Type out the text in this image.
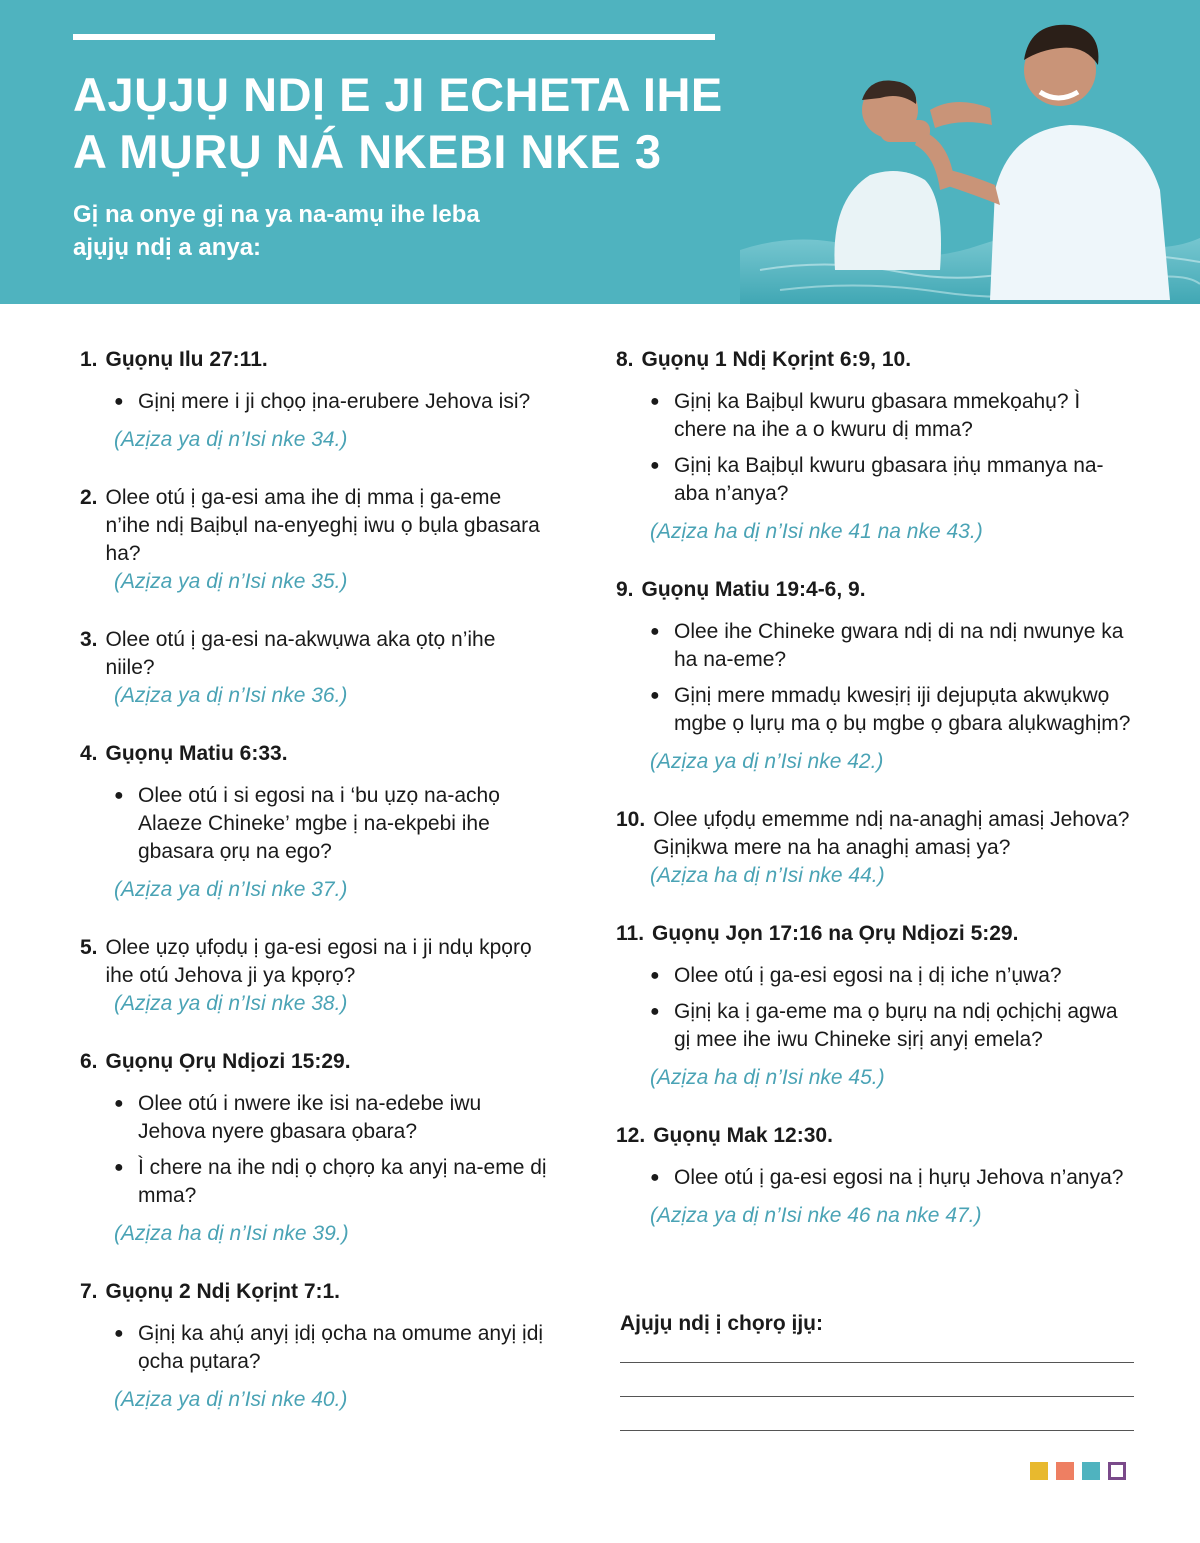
AJỤJỤ NDỊ E JI ECHETA IHE
A MỤRỤ NÁ NKEBI NKE 3
Gị na onye gị na ya na-amụ ihe leba
ajụjụ ndị a anya:
1. Gụọnụ Ilu 27:11.
● Gịnị mere i ji chọọ ịna-erubere Jehova isi?
(Azịza ya dị n’Isi nke 34.)
2. Olee otú ị ga-esi ama ihe dị mma ị ga-eme n’ihe ndị Baịbụl na-enyeghị iwu ọ bụla gbasara ha?
(Azịza ya dị n’Isi nke 35.)
3. Olee otú ị ga-esi na-akwụwa aka ọtọ n’ihe niile?
(Azịza ya dị n’Isi nke 36.)
4. Gụọnụ Matiu 6:33.
● Olee otú i si egosi na i ‘bu ụzọ na-achọ Alaeze Chineke’ mgbe ị na-ekpebi ihe gbasara ọrụ na ego?
(Azịza ya dị n’Isi nke 37.)
5. Olee ụzọ ụfọdụ ị ga-esi egosi na i ji ndụ kpọrọ ihe otú Jehova ji ya kpọrọ?
(Azịza ya dị n’Isi nke 38.)
6. Gụọnụ Ọrụ Ndịozi 15:29.
● Olee otú i nwere ike isi na-edebe iwu Jehova nyere gbasara ọbara?
● Ì chere na ihe ndị ọ chọrọ ka anyị na-eme dị mma?
(Azịza ha dị n’Isi nke 39.)
7. Gụọnụ 2 Ndị Kọrịnt 7:1.
● Gịnị ka ahụ́ anyị ịdị ọcha na omume anyị ịdị ọcha pụtara?
(Azịza ya dị n’Isi nke 40.)
8. Gụọnụ 1 Ndị Kọrịnt 6:9, 10.
● Gịnị ka Baịbụl kwuru gbasara mmekọahụ? Ì chere na ihe a o kwuru dị mma?
● Gịnị ka Baịbụl kwuru gbasara ịṅụ mmanya na-aba n’anya?
(Azịza ha dị n’Isi nke 41 na nke 43.)
9. Gụọnụ Matiu 19:4-6, 9.
● Olee ihe Chineke gwara ndị di na ndị nwunye ka ha na-eme?
● Gịnị mere mmadụ kwesịrị iji dejupụta akwụkwọ mgbe ọ lụrụ ma ọ bụ mgbe ọ gbara alụkwaghịm?
(Azịza ya dị n’Isi nke 42.)
10. Olee ụfọdụ ememme ndị na-anaghị amasị Jehova? Gịnịkwa mere na ha anaghị amasị ya?
(Azịza ha dị n’Isi nke 44.)
11. Gụọnụ Jọn 17:16 na Ọrụ Ndịozi 5:29.
● Olee otú ị ga-esi egosi na ị dị iche n’ụwa?
● Gịnị ka ị ga-eme ma ọ bụrụ na ndị ọchịchị agwa gị mee ihe iwu Chineke sịrị anyị emela?
(Azịza ha dị n’Isi nke 45.)
12. Gụọnụ Mak 12:30.
● Olee otú ị ga-esi egosi na ị hụrụ Jehova n’anya?
(Azịza ya dị n’Isi nke 46 na nke 47.)
Ajụjụ ndị ị chọrọ ịjụ:
